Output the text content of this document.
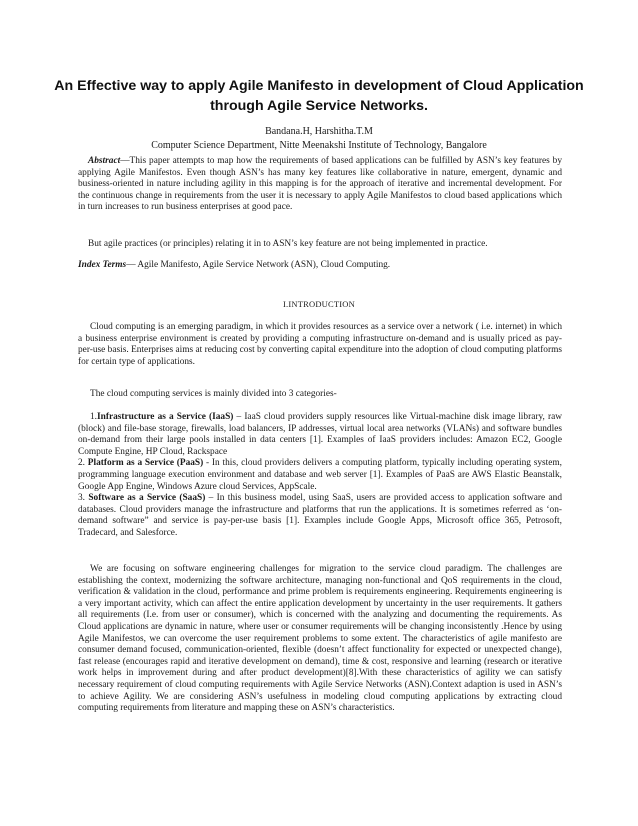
An Effective way to apply Agile Manifesto in development of Cloud Application
through Agile Service Networks.
Bandana.H, Harshitha.T.M
Computer Science Department, Nitte Meenakshi Institute of Technology, Bangalore

Abstract—This paper attempts to map how the requirements of based applications can be fulfilled by ASN’s key features by applying Agile Manifestos. Even though ASN’s has many key features like collaborative in nature, emergent, dynamic and business-oriented in nature including agility in this mapping is for the approach of iterative and incremental development. For the continuous change in requirements from the user it is necessary to apply Agile Manifestos to cloud based applications which in turn increases to run business enterprises at good pace.

But agile practices (or principles) relating it in to ASN’s key feature are not being implemented in practice.
Index Terms— Agile Manifesto, Agile Service Network (ASN), Cloud Computing.
I.INTRODUCTION

Cloud computing is an emerging paradigm, in which it provides resources as a service over a network ( i.e. internet) in which a business enterprise environment is created by providing a computing infrastructure on-demand and is usually priced as pay-per-use basis. Enterprises aims at reducing cost by converting capital expenditure into the adoption of cloud computing platforms for certain type of applications.

The cloud computing services is mainly divided into 3 categories-

1.Infrastructure as a Service (IaaS) – IaaS cloud providers supply resources like Virtual-machine disk image library, raw (block) and file-base storage, firewalls, load balancers, IP addresses, virtual local area networks (VLANs) and software bundles on-demand from their large pools installed in data centers [1]. Examples of IaaS providers includes: Amazon EC2, Google Compute Engine, HP Cloud, Rackspace

2. Platform as a Service (PaaS) - In this, cloud providers delivers a computing platform, typically including operating system, programming language execution environment and database and web server [1]. Examples of PaaS are AWS Elastic Beanstalk, Google App Engine, Windows Azure cloud Services, AppScale.

3. Software as a Service (SaaS) – In this business model, using SaaS, users are provided access to application software and databases. Cloud providers manage the infrastructure and platforms that run the applications. It is sometimes referred as ‘on-demand software” and service is pay-per-use basis [1]. Examples include Google Apps, Microsoft office 365, Petrosoft, Tradecard, and Salesforce.

We are focusing on software engineering challenges for migration to the service cloud paradigm. The challenges are establishing the context, modernizing the software architecture, managing non-functional and QoS requirements in the cloud, verification & validation in the cloud, performance and prime problem is requirements engineering. Requirements engineering is a very important activity, which can affect the entire application development by uncertainty in the user requirements. It gathers all requirements (I.e. from user or consumer), which is concerned with the analyzing and documenting the requirements. As Cloud applications are dynamic in nature, where user or consumer requirements will be changing inconsistently .Hence by using Agile Manifestos, we can overcome the user requirement problems to some extent. The characteristics of agile manifesto are consumer demand focused, communication-oriented, flexible (doesn’t affect functionality for expected or unexpected change), fast release (encourages rapid and iterative development on demand), time & cost, responsive and learning (research or iterative work helps in improvement during and after product development)[8].With these characteristics of agility we can satisfy necessary requirement of cloud computing requirements with Agile Service Networks (ASN).Context adaption is used in ASN’s to achieve Agility. We are considering ASN’s usefulness in modeling cloud computing applications by extracting cloud computing requirements from literature and mapping these on ASN’s characteristics.
